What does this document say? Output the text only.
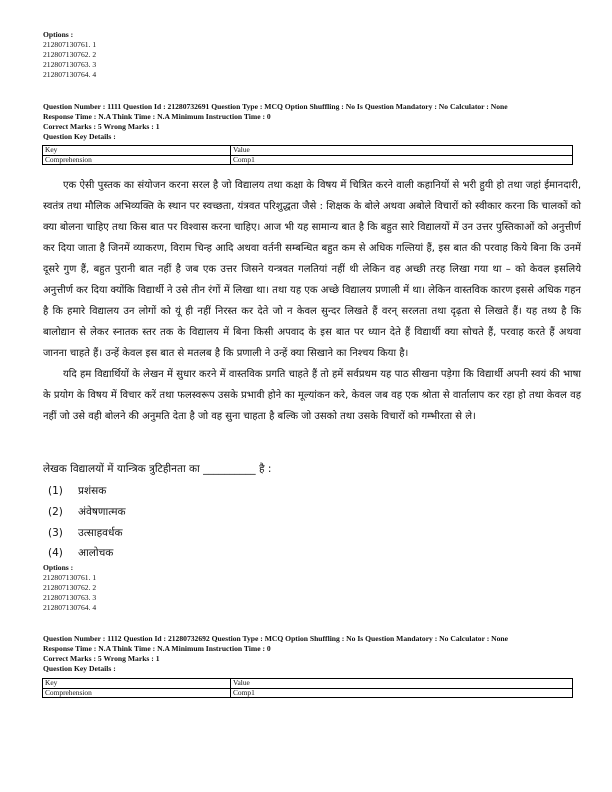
Options :
212807130761. 1
212807130762. 2
212807130763. 3
212807130764. 4
Question Number : 1111 Question Id : 21280732691 Question Type : MCQ Option Shuffling : No Is Question Mandatory : No Calculator : None
Response Time : N.A Think Time : N.A Minimum Instruction Time : 0
Correct Marks : 5 Wrong Marks : 1
Question Key Details :
Key	Value
Comprehension	Comp1

एक ऐसी पुस्तक का संयोजन करना सरल है जो विद्यालय तथा कक्षा के विषय में चित्रित करने वाली कहानियों से भरी हुयी हो तथा जहां ईमानदारी, स्वतंत्र तथा मौलिक अभिव्यक्ति के स्थान पर स्वच्छता, यंत्रवत परिशुद्धता जैसे : शिक्षक के बोले अथवा अबोले विचारों को स्वीकार करना कि चालकों को क्या बोलना चाहिए तथा किस बात पर विश्वास करना चाहिए। आज भी यह सामान्य बात है कि बहुत सारे विद्यालयों में उन उत्तर पुस्तिकाओं को अनुत्तीर्ण कर दिया जाता है जिनमें व्याकरण, विराम चिन्ह आदि अथवा वर्तनी सम्बन्धित बहुत कम से अधिक गल्तियां हैं, इस बात की परवाह किये बिना कि उनमें दूसरे गुण हैं, बहुत पुरानी बात नहीं है जब एक उत्तर जिसने यन्त्रवत गलतियां नहीं थी लेकिन वह अच्छी तरह लिखा गया था – को केवल इसलिये अनुत्तीर्ण कर दिया क्योंकि विद्यार्थी ने उसे तीन रंगों में लिखा था। तथा यह एक अच्छे विद्यालय प्रणाली में था। लेकिन वास्तविक कारण इससे अधिक गहन है कि हमारे विद्यालय उन लोगों को यूं ही नहीं निरस्त कर देते जो न केवल सुन्दर लिखते हैं वरन् सरलता तथा दृढ़ता से लिखते हैं। यह तथ्य है कि बालोद्यान से लेकर स्नातक स्तर तक के विद्यालय में बिना किसी अपवाद के इस बात पर ध्यान देते हैं विद्यार्थी क्या सोचते हैं, परवाह करते हैं अथवा जानना चाहते हैं। उन्हें केवल इस बात से मतलब है कि प्रणाली ने उन्हें क्या सिखाने का निश्चय किया है।

यदि हम विद्यार्थियों के लेखन में सुधार करने में वास्तविक प्रगति चाहते हैं तो हमें सर्वप्रथम यह पाठ सीखना पड़ेगा कि विद्यार्थी अपनी स्वयं की भाषा के प्रयोग के विषय में विचार करें तथा फलस्वरूप उसके प्रभावी होने का मूल्यांकन करे, केवल जब वह एक श्रोता से वार्तालाप कर रहा हो तथा केवल वह नहीं जो उसे वही बोलने की अनुमति देता है जो वह सुना चाहता है बल्कि जो उसको तथा उसके विचारों को गम्भीरता से ले।

लेखक विद्यालयों में यान्त्रिक त्रुटिहीनता का __________ है :
(1) प्रशंसक
(2) अंवेषणात्मक
(3) उत्साहवर्धक
(4) आलोचक
Options :
212807130761. 1
212807130762. 2
212807130763. 3
212807130764. 4
Question Number : 1112 Question Id : 21280732692 Question Type : MCQ Option Shuffling : No Is Question Mandatory : No Calculator : None
Response Time : N.A Think Time : N.A Minimum Instruction Time : 0
Correct Marks : 5 Wrong Marks : 1
Question Key Details :
Key	Value
Comprehension	Comp1
